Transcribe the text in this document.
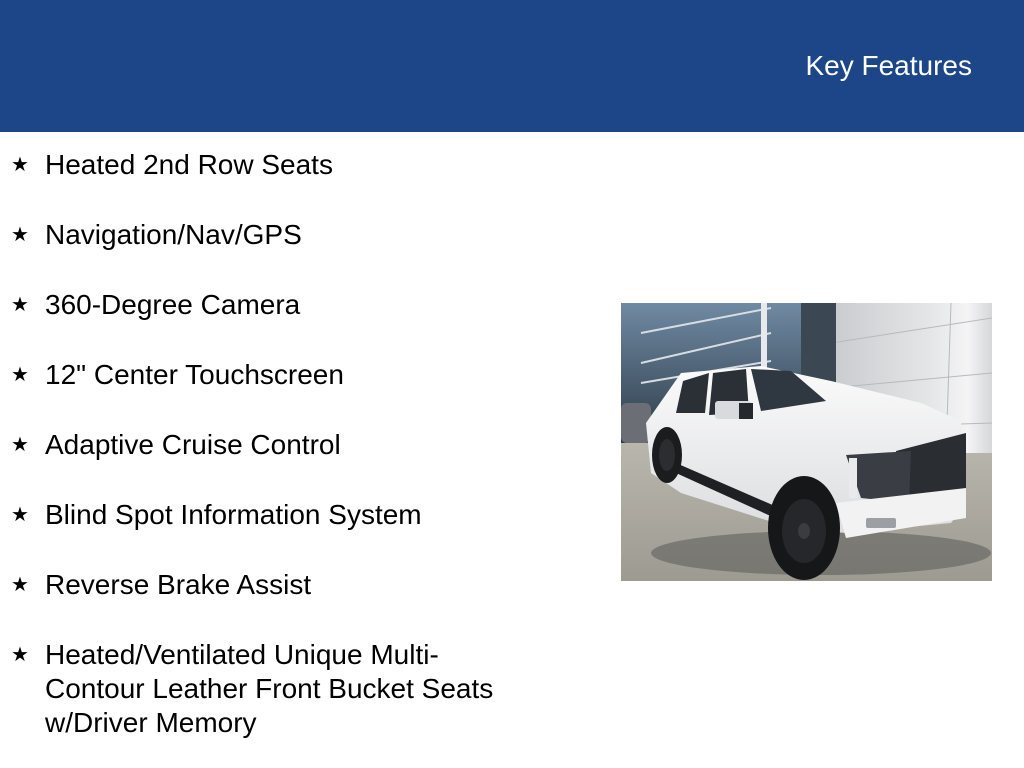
Key Features
★ Heated 2nd Row Seats
★ Navigation/Nav/GPS
★ 360-Degree Camera
★ 12" Center Touchscreen
★ Adaptive Cruise Control
★ Blind Spot Information System
★ Reverse Brake Assist
★ Heated/Ventilated Unique Multi-Contour Leather Front Bucket Seats w/Driver Memory
